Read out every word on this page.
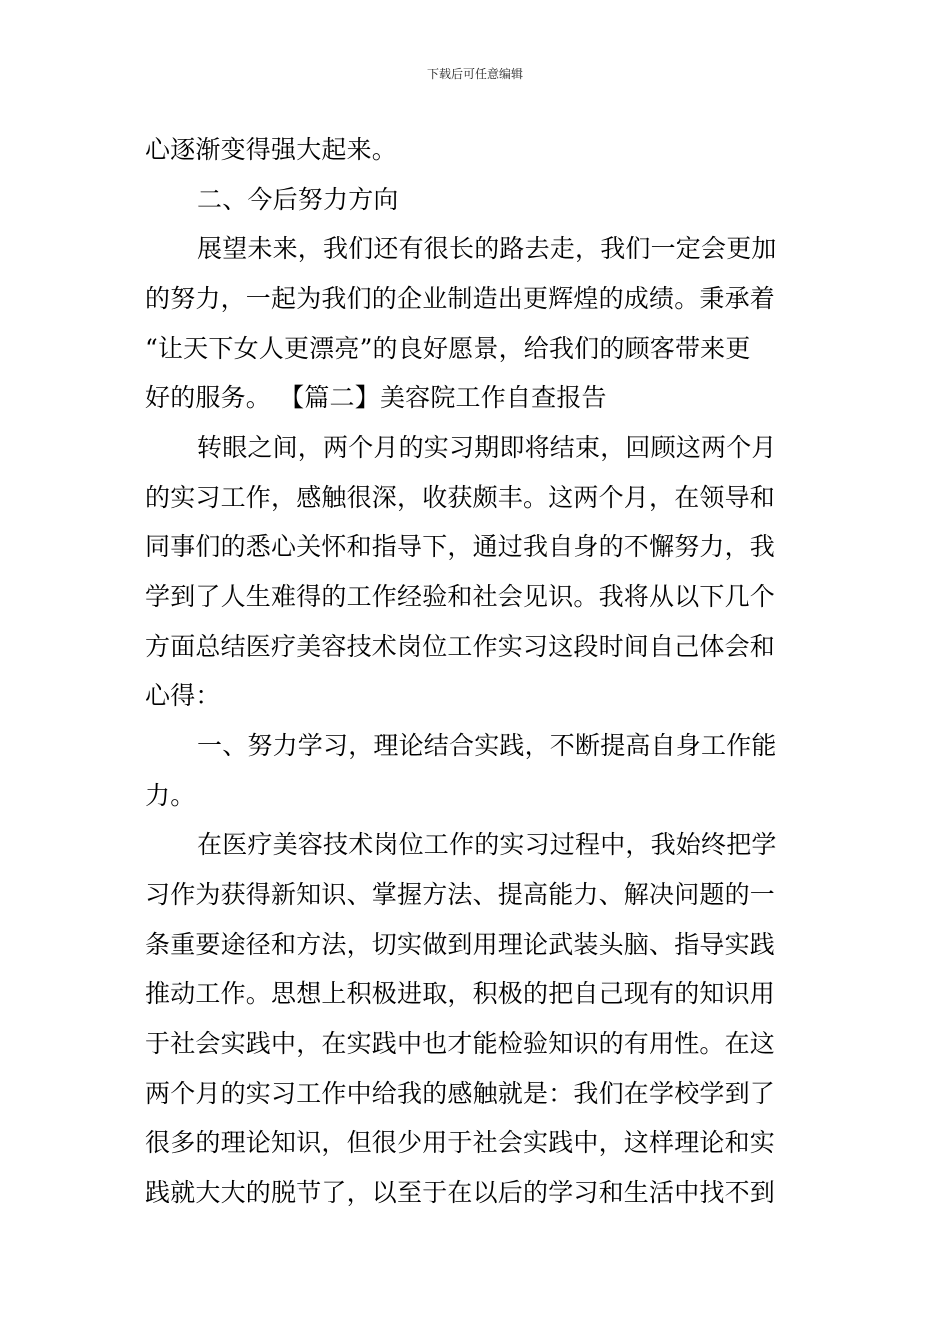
下载后可任意编辑
心逐渐变得强大起来。
二、今后努力方向
展望未来，我们还有很长的路去走，我们一定会更加
的努力，一起为我们的企业制造出更辉煌的成绩。秉承着
“让天下女人更漂亮”的良好愿景，给我们的顾客带来更
好的服务。 【篇二】美容院工作自查报告
转眼之间，两个月的实习期即将结束，回顾这两个月
的实习工作，感触很深，收获颇丰。这两个月，在领导和
同事们的悉心关怀和指导下，通过我自身的不懈努力，我
学到了人生难得的工作经验和社会见识。我将从以下几个
方面总结医疗美容技术岗位工作实习这段时间自己体会和
心得：
一、努力学习，理论结合实践，不断提高自身工作能
力。
在医疗美容技术岗位工作的实习过程中，我始终把学
习作为获得新知识、掌握方法、提高能力、解决问题的一
条重要途径和方法，切实做到用理论武装头脑、指导实践
推动工作。思想上积极进取，积极的把自己现有的知识用
于社会实践中，在实践中也才能检验知识的有用性。在这
两个月的实习工作中给我的感触就是：我们在学校学到了
很多的理论知识，但很少用于社会实践中，这样理论和实
践就大大的脱节了，以至于在以后的学习和生活中找不到
